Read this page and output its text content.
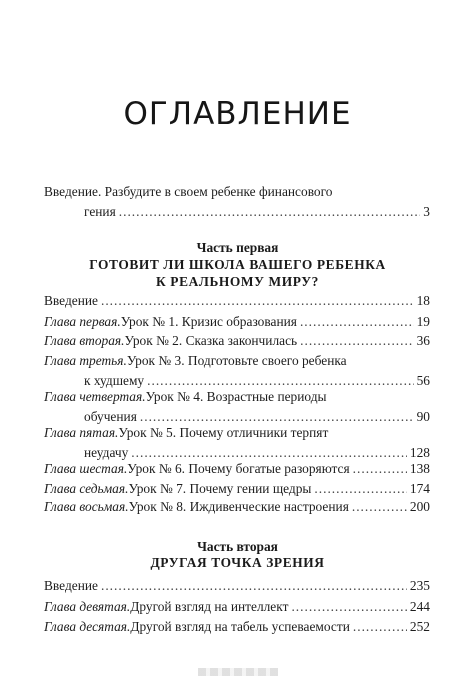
ОГЛАВЛЕНИЕ
Введение. Разбудите в своем ребенке финансового
гения .....	3
Часть первая
ГОТОВИТ ЛИ ШКОЛА ВАШЕГО РЕБЕНКА
К РЕАЛЬНОМУ МИРУ?
Введение .....	18
Глава первая. Урок № 1. Кризис образования .....	19
Глава вторая. Урок № 2. Сказка закончилась .....	36
Глава третья. Урок № 3. Подготовьте своего ребенка
к худшему .....	56
Глава четвертая. Урок № 4. Возрастные периоды
обучения .....	90
Глава пятая. Урок № 5. Почему отличники терпят
неудачу .....	128
Глава шестая. Урок № 6. Почему богатые разоряются .....	138
Глава седьмая. Урок № 7. Почему гении щедры .....	174
Глава восьмая. Урок № 8. Иждивенческие настроения .....	200
Часть вторая
ДРУГАЯ ТОЧКА ЗРЕНИЯ
Введение .....	235
Глава девятая. Другой взгляд на интеллект .....	244
Глава десятая. Другой взгляд на табель успеваемости .....	252
